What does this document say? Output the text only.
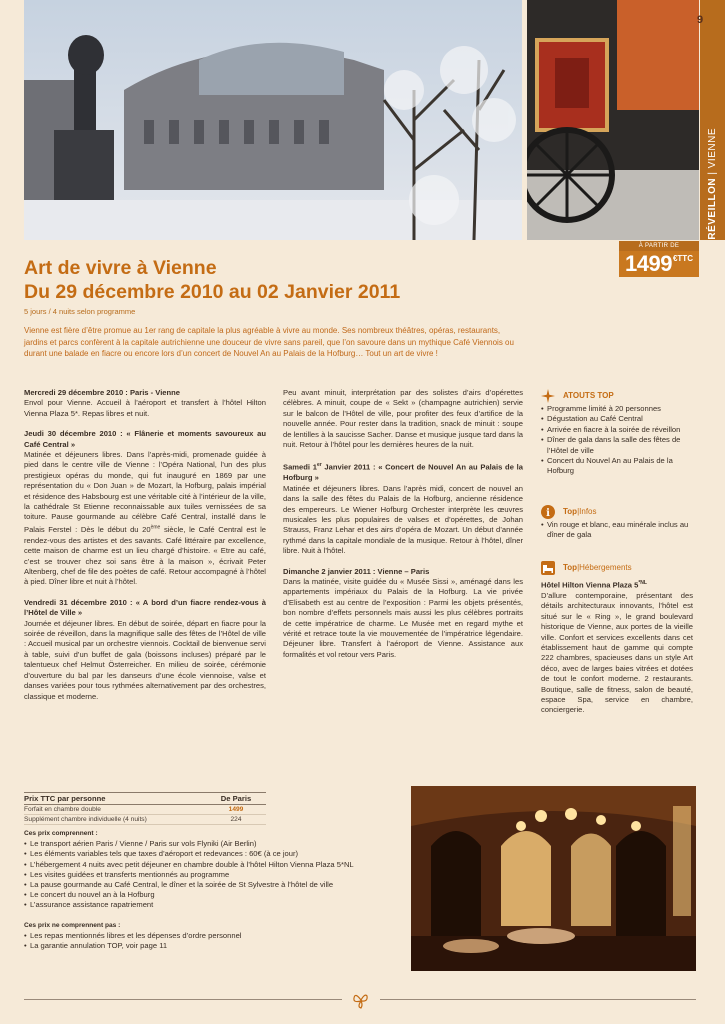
9
RÉVEILLON | VIENNE
À PARTIR DE
1499 €TTC
Art de vivre à Vienne
Du 29 décembre 2010 au 02 Janvier 2011
5 jours / 4 nuits selon programme
Vienne est fière d’être promue au 1er rang de capitale la plus agréable à vivre au monde. Ses nombreux théâtres, opéras, restaurants, jardins et parcs confèrent à la capitale autrichienne une douceur de vivre sans pareil, que l’on savoure dans un mythique Café Viennois ou durant une balade en fiacre ou encore lors d’un concert de Nouvel An au Palais de la Hofburg… Tout un art de vivre !

Mercredi 29 décembre 2010 : Paris - Vienne
Envol pour Vienne. Accueil à l’aéroport et transfert à l’hôtel Hilton Vienna Plaza 5*. Repas libres et nuit.

Jeudi 30 décembre 2010 : « Flânerie et moments savoureux au Café Central »
Matinée et déjeuners libres. Dans l’après-midi, promenade guidée à pied dans le centre ville de Vienne : l’Opéra National, l’un des plus prestigieux opéras du monde, qui fut inauguré en 1869 par une représentation du « Don Juan » de Mozart, la Hofburg, palais impérial et résidence des Habsbourg est une véritable cité à l’intérieur de la ville, la cathédrale St Etienne reconnaissable aux tuiles vernissées de sa toiture. Pause gourmande au célèbre Café Central, installé dans le Palais Ferstel : Dès le début du 20ème siècle, le Café Central est le rendez-vous des artistes et des savants. Café littéraire par excellence, cette maison de charme est un lieu chargé d’histoire. « Etre au café, c’est se trouver chez soi sans être à la maison », écrivait Peter Altenberg, chef de file des poètes de café. Retour accompagné à l’hôtel à pied. Dîner libre et nuit à l’hôtel.

Vendredi 31 décembre 2010 : « A bord d’un fiacre rendez-vous à l’Hôtel de Ville »
Journée et déjeuner libres. En début de soirée, départ en fiacre pour la soirée de réveillon, dans la magnifique salle des fêtes de l’Hôtel de ville : Accueil musical par un orchestre viennois. Cocktail de bienvenue servi à table, suivi d’un buffet de gala (boissons incluses) préparé par le talentueux chef Helmut Österreicher. En milieu de soirée, cérémonie d’ouverture du bal par les danseurs d’une école viennoise, valse et danses variées pour tous rythmées alternativement par des orchestres, classique et moderne.

Peu avant minuit, interprétation par des solistes d’airs d’opérettes célèbres. A minuit, coupe de « Sekt » (champagne autrichien) servie sur le balcon de l’Hôtel de ville, pour profiter des feux d’artifice de la nouvelle année. Pour rester dans la tradition, snack de minuit : soupe de lentilles à la saucisse Sacher. Danse et musique jusque tard dans la nuit. Retour à l’hôtel pour les dernières heures de la nuit.

Samedi 1er Janvier 2011 : « Concert de Nouvel An au Palais de la Hofburg »
Matinée et déjeuners libres. Dans l’après midi, concert de nouvel an dans la salle des fêtes du Palais de la Hofburg, ancienne résidence des empereurs. Le Wiener Hofburg Orchester interprète les œuvres musicales les plus populaires de valses et d’opérettes, de Johan Strauss, Franz Lehar et des airs d’opéra de Mozart. Un début d’année rythmé dans la capitale mondiale de la musique. Retour à l’hôtel, dîner libre. Nuit à l’hôtel.

Dimanche 2 janvier 2011 : Vienne – Paris
Dans la matinée, visite guidée du « Musée Sissi », aménagé dans les appartements impériaux du Palais de la Hofburg. La vie privée d’Elisabeth est au centre de l’exposition : Parmi les objets présentés, bon nombre d’effets personnels mais aussi les plus célèbres portraits de cette impératrice de charme. Le Musée met en regard mythe et vérité et retrace toute la vie mouvementée de l’impératrice légendaire. Déjeuner libre. Transfert à l’aéroport de Vienne. Assistance aux formalités et vol retour vers Paris.

ATOUTS TOP
• Programme limité à 20 personnes
• Dégustation au Café Central
• Arrivée en fiacre à la soirée de réveillon
• Dîner de gala dans la salle des fêtes de l’Hôtel de ville
• Concert du Nouvel An au Palais de la Hofburg
i Top | Infos
• Vin rouge et blanc, eau minérale inclus au dîner de gala
Top | Hébergements
Hôtel Hilton Vienna Plaza $5^{*NL}$
D’allure contemporaine, présentant des détails architecturaux innovants, l’hôtel est situé sur le « Ring », le grand boulevard historique de Vienne, aux portes de la vieille ville. Confort et services excellents dans cet établissement haut de gamme qui compte 222 chambres, spacieuses dans un style Art déco, avec de larges baies vitrées et dotées de tout le confort moderne. 2 restaurants. Boutique, salle de fitness, salon de beauté, espace Spa, service en chambre, conciergerie.
Prix TTC par personne	De Paris
Forfait en chambre double	1499
Supplément chambre individuelle (4 nuits)	224
Ces prix comprennent :
• Le transport aérien Paris / Vienne / Paris sur vols Flyniki (Air Berlin)
• Les éléments variables tels que taxes d’aéroport et redevances : 60€ (à ce jour)
• L’hébergement 4 nuits avec petit déjeuner en chambre double à l’hôtel Hilton Vienna Plaza 5*NL
• Les visites guidées et transferts mentionnés au programme
• La pause gourmande au Café Central, le dîner et la soirée de St Sylvestre à l’hôtel de ville
• Le concert du nouvel an à la Hofburg
• L’assurance assistance rapatriement
Ces prix ne comprennent pas :
• Les repas mentionnés libres et les dépenses d’ordre personnel
• La garantie annulation TOP, voir page 11
